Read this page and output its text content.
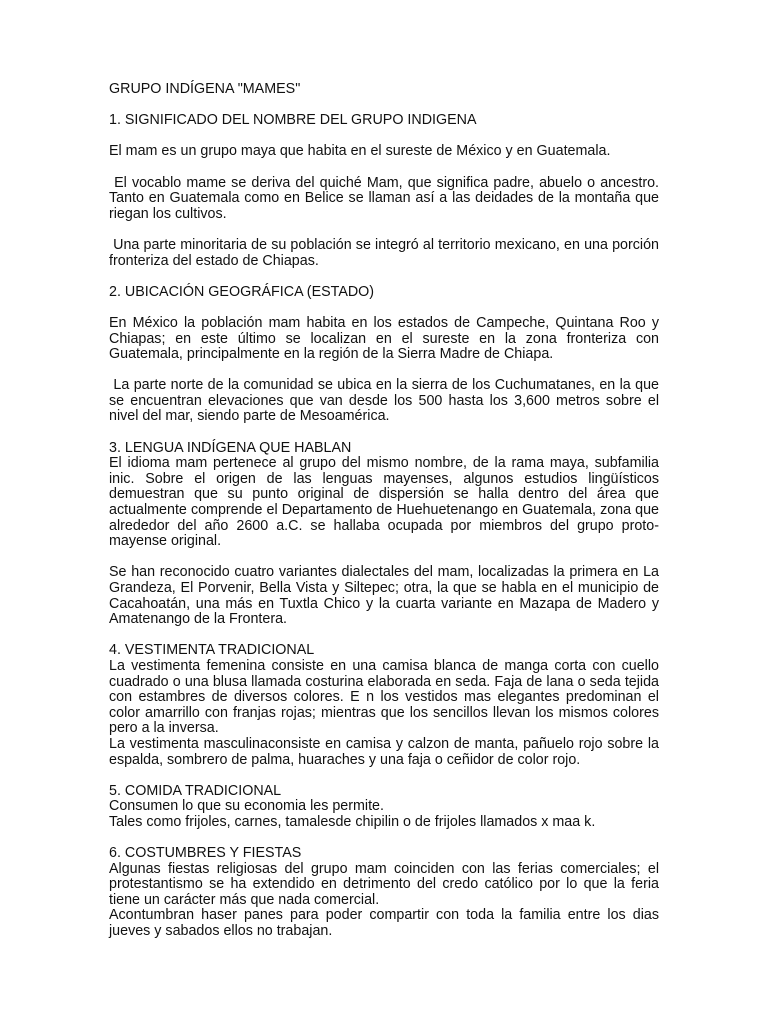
GRUPO INDÍGENA "MAMES"

1. SIGNIFICADO DEL NOMBRE DEL GRUPO INDIGENA

El mam es un grupo maya que habita en el sureste de México y en Guatemala.

El vocablo mame se deriva del quiché Mam, que significa padre, abuelo o ancestro. Tanto en Guatemala como en Belice se llaman así a las deidades de la montaña que riegan los cultivos.

Una parte minoritaria de su población se integró al territorio mexicano, en una porción fronteriza del estado de Chiapas.

2. UBICACIÓN GEOGRÁFICA (ESTADO)

En México la población mam habita en los estados de Campeche, Quintana Roo y Chiapas; en este último se localizan en el sureste en la zona fronteriza con Guatemala, principalmente en la región de la Sierra Madre de Chiapa.

La parte norte de la comunidad se ubica en la sierra de los Cuchumatanes, en la que se encuentran elevaciones que van desde los 500 hasta los 3,600 metros sobre el nivel del mar, siendo parte de Mesoamérica.

3. LENGUA INDÍGENA QUE HABLAN

El idioma mam pertenece al grupo del mismo nombre, de la rama maya, subfamilia inic. Sobre el origen de las lenguas mayenses, algunos estudios lingüísticos demuestran que su punto original de dispersión se halla dentro del área que actualmente comprende el Departamento de Huehuetenango en Guatemala, zona que alrededor del año 2600 a.C. se hallaba ocupada por miembros del grupo proto-mayense original.

Se han reconocido cuatro variantes dialectales del mam, localizadas la primera en La Grandeza, El Porvenir, Bella Vista y Siltepec; otra, la que se habla en el municipio de Cacahoatán, una más en Tuxtla Chico y la cuarta variante en Mazapa de Madero y Amatenango de la Frontera.

4. VESTIMENTA TRADICIONAL

La vestimenta femenina consiste en una camisa blanca de manga corta con cuello cuadrado o una blusa llamada costurina elaborada en seda. Faja de lana o seda tejida con estambres de diversos colores. E n los vestidos mas elegantes predominan el color amarrillo con franjas rojas; mientras que los sencillos llevan los mismos colores pero a la inversa.

La vestimenta masculinaconsiste en camisa y calzon de manta, pañuelo rojo sobre la espalda, sombrero de palma, huaraches y una faja o ceñidor de color rojo.

5. COMIDA TRADICIONAL

Consumen lo que su economia les permite.

Tales como frijoles, carnes, tamalesde chipilin o de frijoles llamados x maa k.

6. COSTUMBRES Y FIESTAS

Algunas fiestas religiosas del grupo mam coinciden con las ferias comerciales; el protestantismo se ha extendido en detrimento del credo católico por lo que la feria tiene un carácter más que nada comercial.

Acontumbran haser panes para poder compartir con toda la familia entre los dias jueves y sabados ellos no trabajan.
